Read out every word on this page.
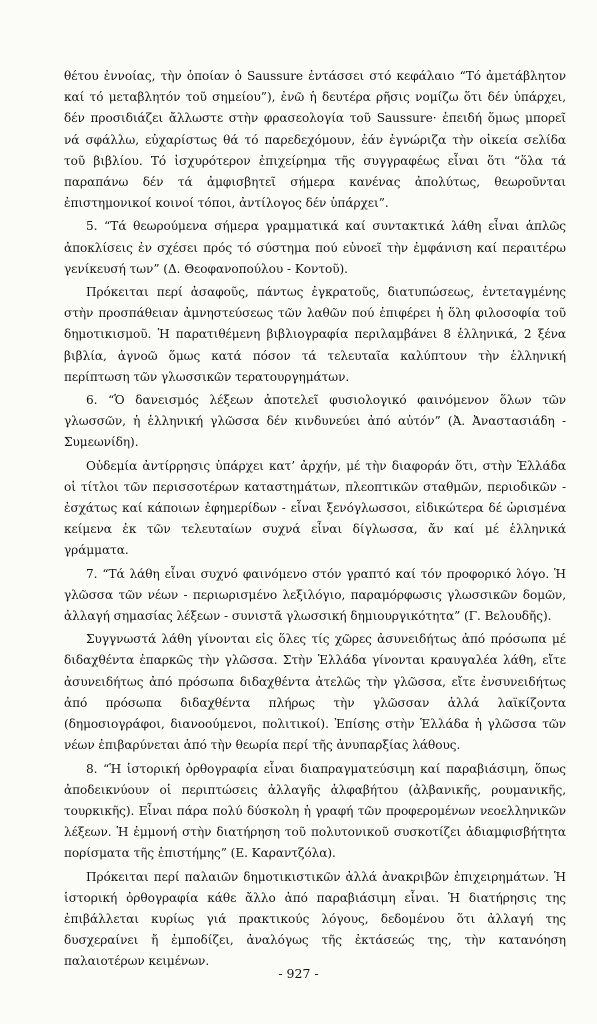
θέτου ἐννοίας, τὴν ὁποίαν ὁ Saussure ἐντάσσει στό κεφάλαιο “Τό ἀμετάβλητον καί τό μεταβλητόν τοῦ σημείου”), ἐνῶ ἡ δευτέρα ρῆσις νομίζω ὅτι δέν ὑπάρχει, δέν προσιδιάζει ἄλλωστε στὴν φρασεολογία τοῦ Saussure· ἐπειδή ὅμως μπορεῖ νά σφάλλω, εὐχαρίστως θά τό παρεδεχόμουν, ἐάν ἐγνώριζα τὴν οἰκεία σελίδα τοῦ βιβλίου. Τό ἰσχυρότερον ἐπιχείρημα τῆς συγγραφέως εἶναι ὅτι “ὅλα τά παραπάνω δέν τά ἀμφισβητεῖ σήμερα κανένας ἀπολύτως, θεωροῦνται ἐπιστημονικοί κοινοί τόποι, ἀντίλογος δέν ὑπάρχει”.

5. “Τά θεωρούμενα σήμερα γραμματικά καί συντακτικά λάθη εἶναι ἁπλῶς ἀποκλίσεις ἐν σχέσει πρός τό σύστημα πού εὐνοεῖ τὴν ἐμφάνιση καί περαιτέρω γενίκευσή των” (Δ. Θεοφανοπούλου - Κοντοῦ).

Πρόκειται περί ἀσαφοῦς, πάντως ἐγκρατοῦς, διατυπώσεως, ἐντεταγμένης στὴν προσπάθειαν ἀμνηστεύσεως τῶν λαθῶν πού ἐπιφέρει ἡ ὅλη φιλοσοφία τοῦ δημοτικισμοῦ. Ἡ παρατιθέμενη βιβλιογραφία περιλαμβάνει 8 ἑλληνικά, 2 ξένα βιβλία, ἀγνοῶ ὅμως κατά πόσον τά τελευταῖα καλύπτουν τὴν ἑλληνική περίπτωση τῶν γλωσσικῶν τερατουργημάτων.

6. “Ὁ δανεισμός λέξεων ἀποτελεῖ φυσιολογικό φαινόμενον ὅλων τῶν γλωσσῶν, ἡ ἑλληνική γλῶσσα δέν κινδυνεύει ἀπό αὐτόν” (Ἀ. Ἀναστασιάδη - Συμεωνίδη).

Οὐδεμία ἀντίρρησις ὑπάρχει κατ’ ἀρχήν, μέ τὴν διαφοράν ὅτι, στὴν Ἑλλάδα οἱ τίτλοι τῶν περισσοτέρων καταστημάτων, πλεοπτικῶν σταθμῶν, περιοδικῶν - ἐσχάτως καί κάποιων ἐφημερίδων - εἶναι ξενόγλωσσοι, εἰδικώτερα δέ ὡρισμένα κείμενα ἐκ τῶν τελευταίων συχνά εἶναι δίγλωσσα, ἄν καί μέ ἑλληνικά γράμματα.

7. “Τά λάθη εἶναι συχνό φαινόμενο στόν γραπτό καί τόν προφορικό λόγο. Ἡ γλῶσσα τῶν νέων - περιωρισμένο λεξιλόγιο, παραμόρφωσις γλωσσικῶν δομῶν, ἀλλαγή σημασίας λέξεων - συνιστᾶ γλωσσική δημιουργικότητα” (Γ. Βελουδῆς).

Συγγνωστά λάθη γίνονται εἰς ὅλες τίς χῶρες ἀσυνειδήτως ἀπό πρόσωπα μέ διδαχθέντα ἐπαρκῶς τὴν γλῶσσα. Στὴν Ἑλλάδα γίνονται κραυγαλέα λάθη, εἴτε ἀσυνειδήτως ἀπό πρόσωπα διδαχθέντα ἀτελῶς τὴν γλῶσσα, εἴτε ἐνσυνειδήτως ἀπό πρόσωπα διδαχθέντα πλήρως τὴν γλῶσσαν ἀλλά λαϊκίζοντα (δημοσιογράφοι, διανοούμενοι, πολιτικοί). Ἐπίσης στὴν Ἑλλάδα ἡ γλῶσσα τῶν νέων ἐπιβαρύνεται ἀπό τὴν θεωρία περί τῆς ἀνυπαρξίας λάθους.

8. “Ἡ ἱστορική ὀρθογραφία εἶναι διαπραγματεύσιμη καί παραβιάσιμη, ὅπως ἀποδεικνύουν οἱ περιπτώσεις ἀλλαγῆς ἀλφαβήτου (ἀλβανικῆς, ρουμανικῆς, τουρκικῆς). Εἶναι πάρα πολύ δύσκολη ἡ γραφή τῶν προφερομένων νεοελληνικῶν λέξεων. Ἡ ἐμμονή στὴν διατήρηση τοῦ πολυτονικοῦ συσκοτίζει ἀδιαμφισβήτητα πορίσματα τῆς ἐπιστήμης” (Ε. Καραντζόλα).

Πρόκειται περί παλαιῶν δημοτικιστικῶν ἀλλά ἀνακριβῶν ἐπιχειρημάτων. Ἡ ἱστορική ὀρθογραφία κάθε ἄλλο ἀπό παραβιάσιμη εἶναι. Ἡ διατήρησις της ἐπιβάλλεται κυρίως γιά πρακτικούς λόγους, δεδομένου ὅτι ἀλλαγή της δυσχεραίνει ἤ ἐμποδίζει, ἀναλόγως τῆς ἐκτάσεώς της, τὴν κατανόηση παλαιοτέρων κειμένων.

- 927 -
